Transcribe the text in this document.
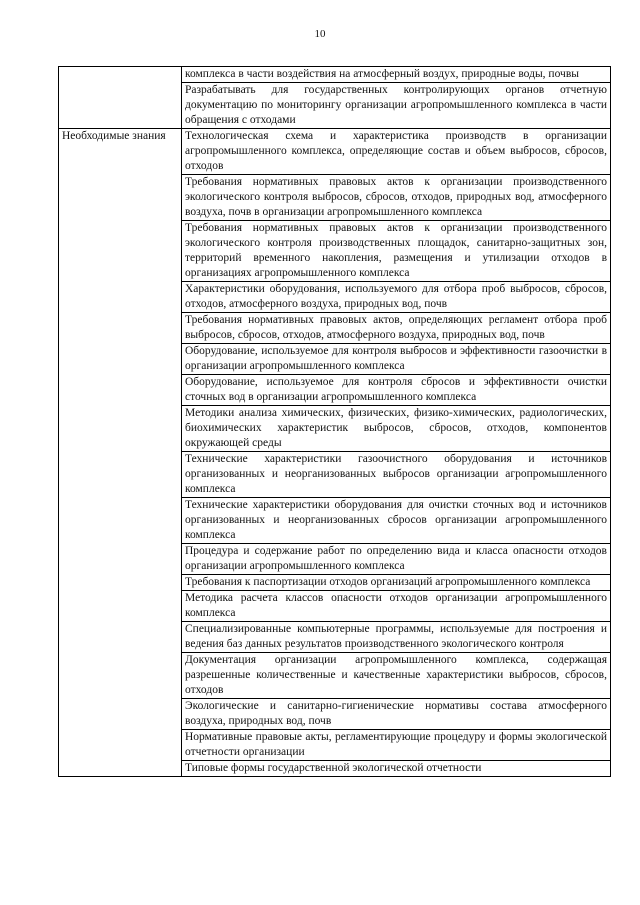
10
	комплекса в части воздействия на атмосферный воздух, природные воды, почвы
	Разрабатывать для государственных контролирующих органов отчетную документацию по мониторингу организации агропромышленного комплекса в части обращения с отходами
Необходимые знания	Технологическая схема и характеристика производств в организации агропромышленного комплекса, определяющие состав и объем выбросов, сбросов, отходов
	Требования нормативных правовых актов к организации производственного экологического контроля выбросов, сбросов, отходов, природных вод, атмосферного воздуха, почв в организации агропромышленного комплекса
	Требования нормативных правовых актов к организации производственного экологического контроля производственных площадок, санитарно-защитных зон, территорий временного накопления, размещения и утилизации отходов в организациях агропромышленного комплекса
	Характеристики оборудования, используемого для отбора проб выбросов, сбросов, отходов, атмосферного воздуха, природных вод, почв
	Требования нормативных правовых актов, определяющих регламент отбора проб выбросов, сбросов, отходов, атмосферного воздуха, природных вод, почв
	Оборудование, используемое для контроля выбросов и эффективности газоочистки в организации агропромышленного комплекса
	Оборудование, используемое для контроля сбросов и эффективности очистки сточных вод в организации агропромышленного комплекса
	Методики анализа химических, физических, физико-химических, радиологических, биохимических характеристик выбросов, сбросов, отходов, компонентов окружающей среды
	Технические характеристики газоочистного оборудования и источников организованных и неорганизованных выбросов организации агропромышленного комплекса
	Технические характеристики оборудования для очистки сточных вод и источников организованных и неорганизованных сбросов организации агропромышленного комплекса
	Процедура и содержание работ по определению вида и класса опасности отходов организации агропромышленного комплекса
	Требования к паспортизации отходов организаций агропромышленного комплекса
	Методика расчета классов опасности отходов организации агропромышленного комплекса
	Специализированные компьютерные программы, используемые для построения и ведения баз данных результатов производственного экологического контроля
	Документация организации агропромышленного комплекса, содержащая разрешенные количественные и качественные характеристики выбросов, сбросов, отходов
	Экологические и санитарно-гигиенические нормативы состава атмосферного воздуха, природных вод, почв
	Нормативные правовые акты, регламентирующие процедуру и формы экологической отчетности организации
	Типовые формы государственной экологической отчетности
